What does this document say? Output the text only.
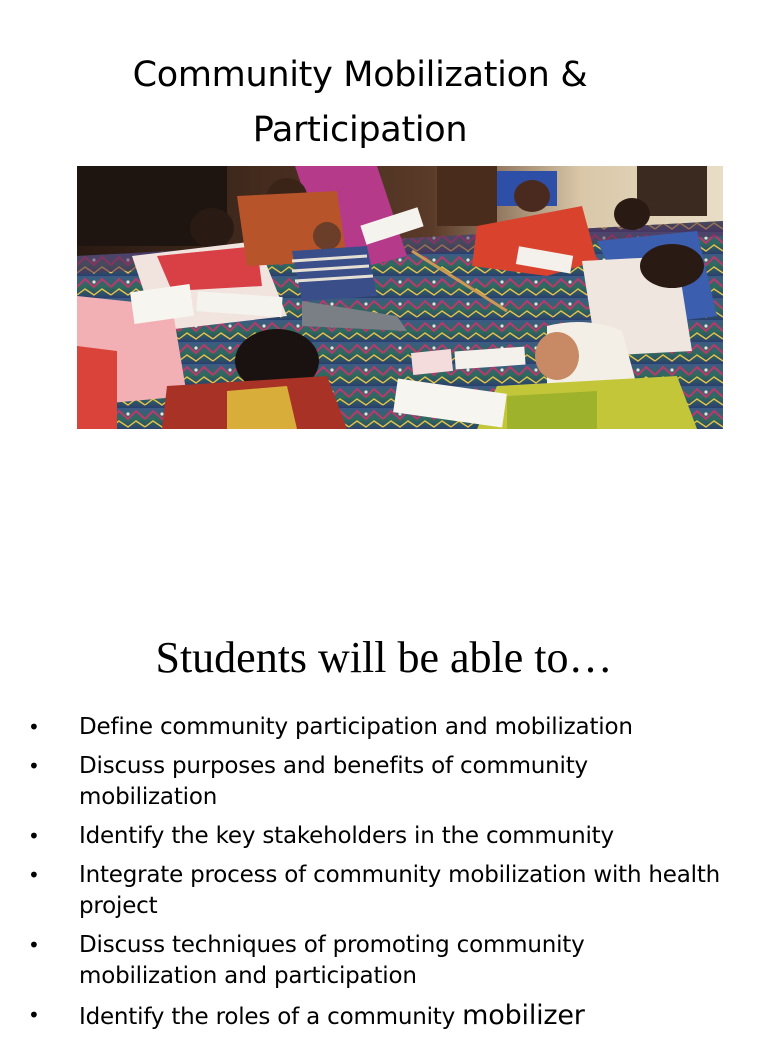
Community Mobilization &
Participation
Students will be able to…
• Define community participation and mobilization
• Discuss purposes and benefits of community mobilization
• Identify the key stakeholders in the community
• Integrate process of community mobilization with health project
• Discuss techniques of promoting community mobilization and participation
• Identify the roles of a community mobilizer
